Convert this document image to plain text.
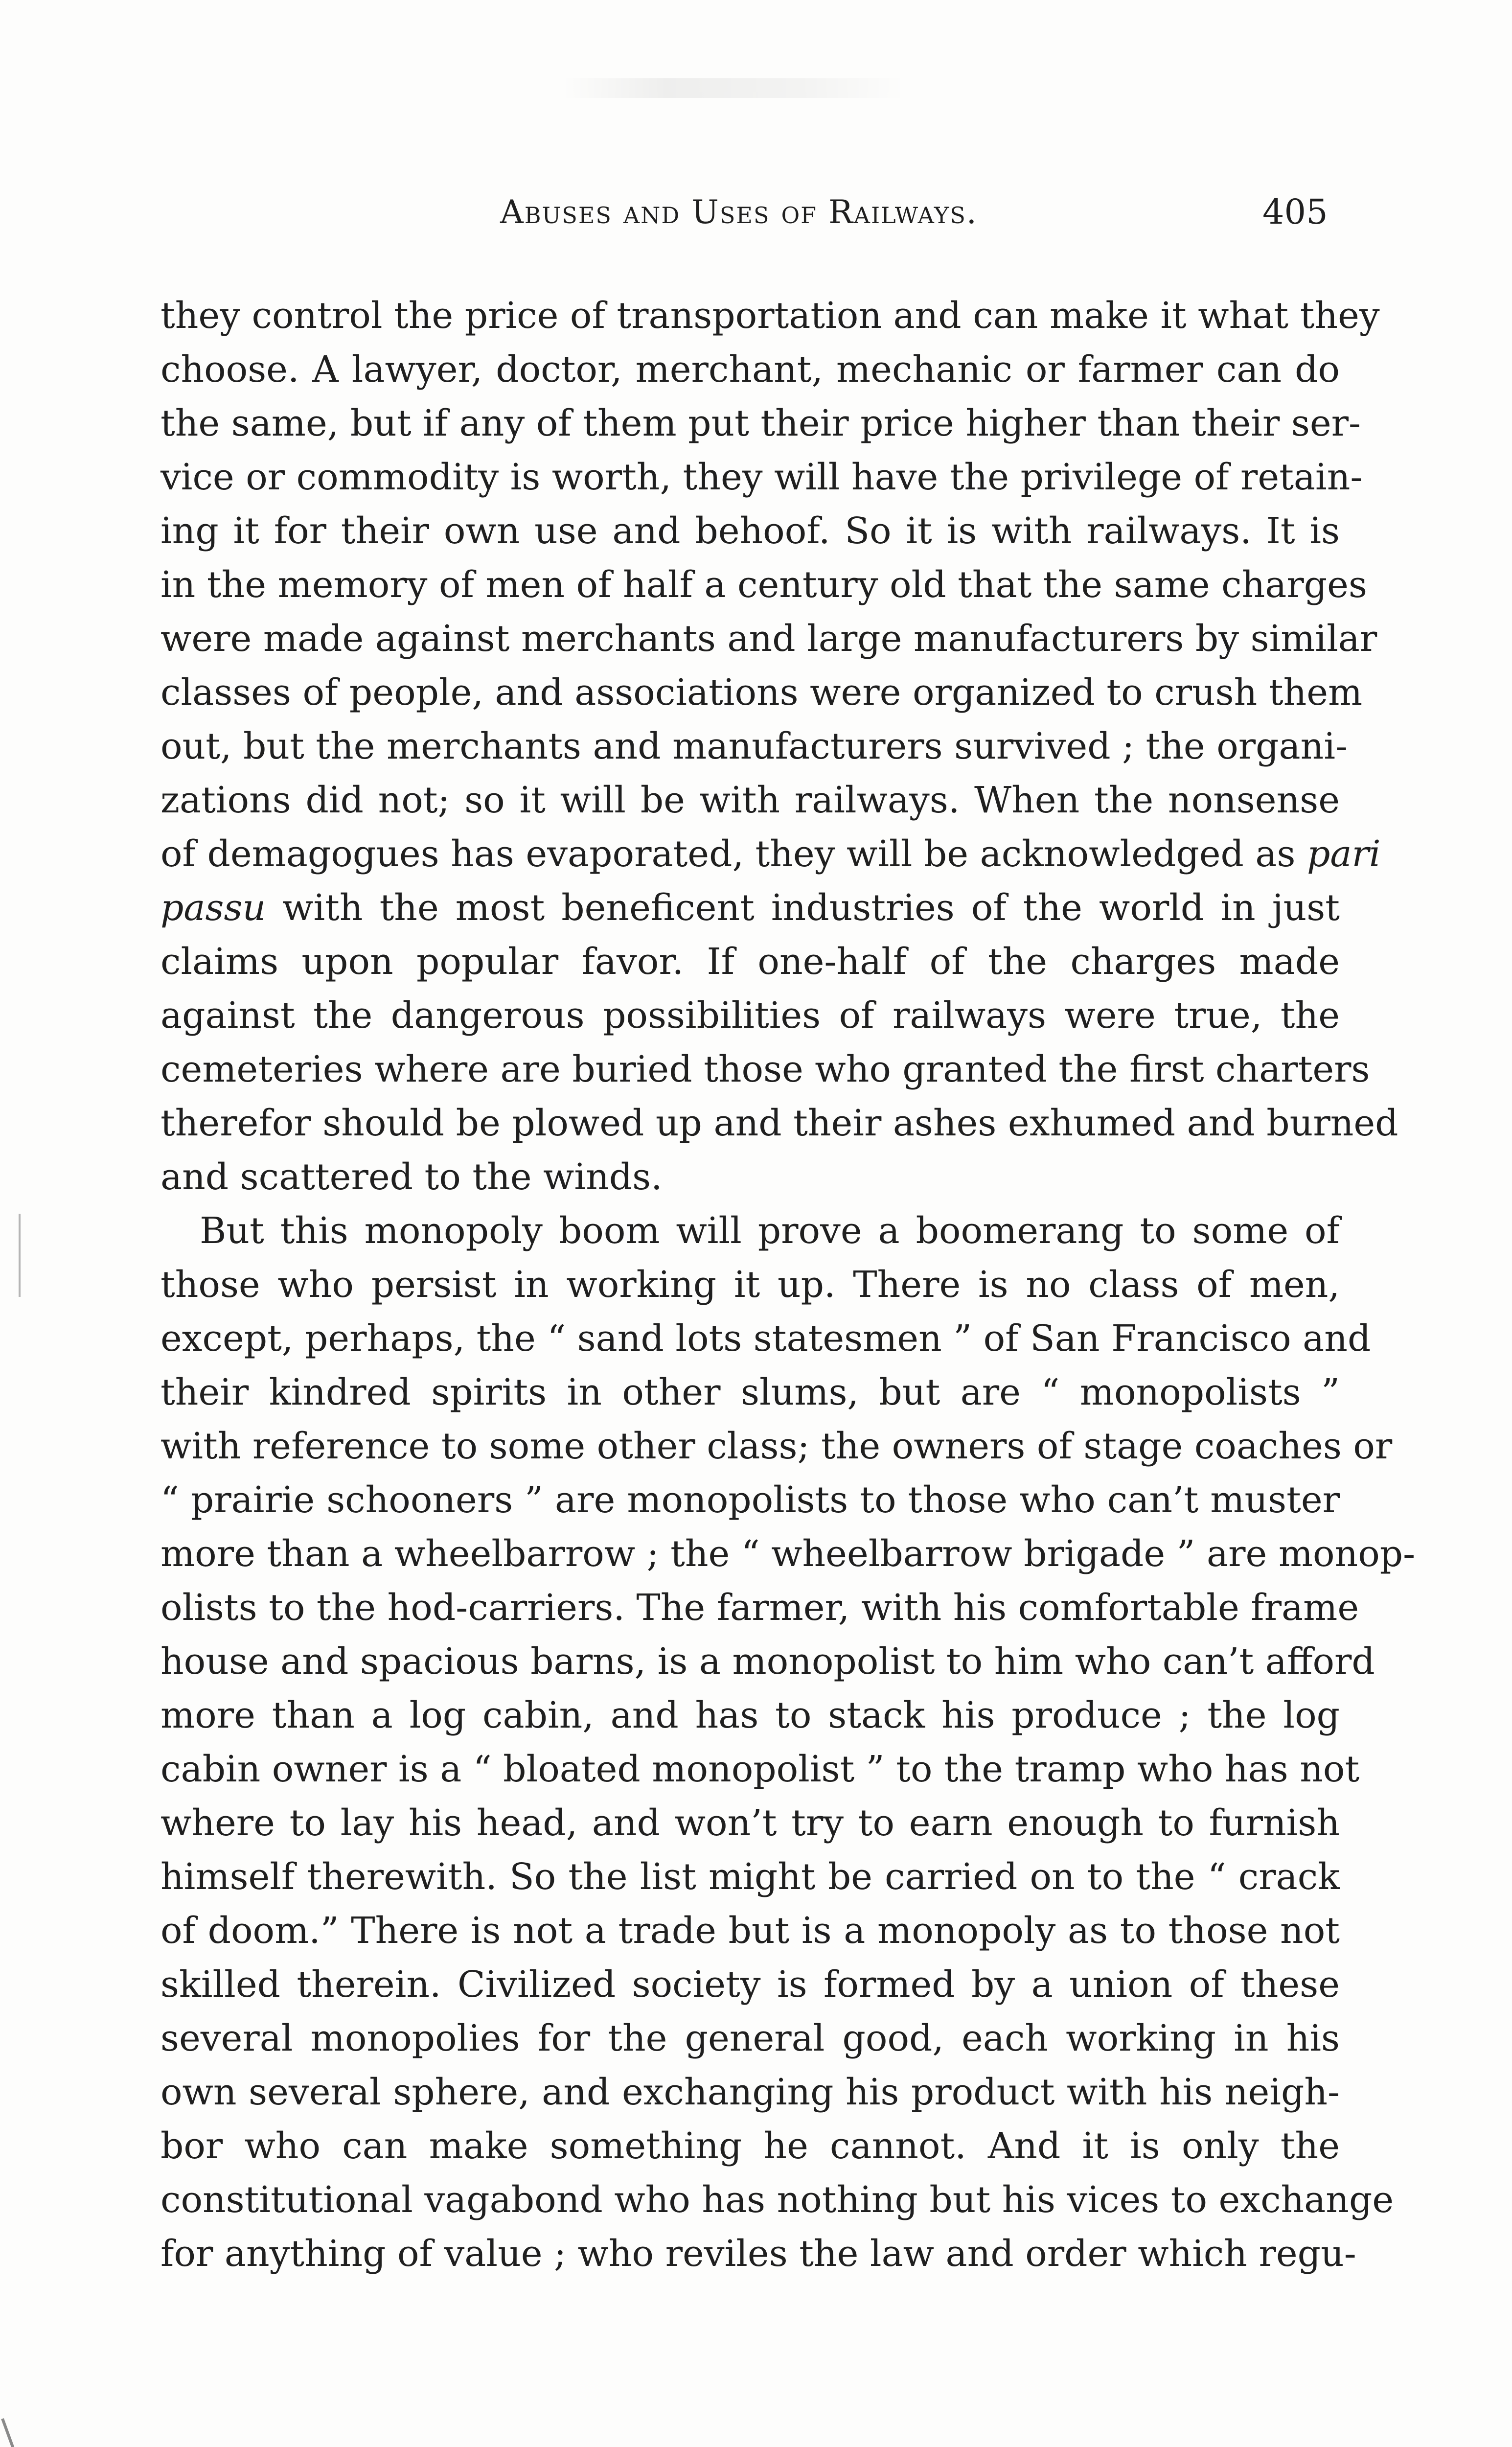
Abuses and Uses of Railways.	405
they control the price of transportation and can make it what they
choose. A lawyer, doctor, merchant, mechanic or farmer can do
the same, but if any of them put their price higher than their ser-
vice or commodity is worth, they will have the privilege of retain-
ing it for their own use and behoof. So it is with railways. It is
in the memory of men of half a century old that the same charges
were made against merchants and large manufacturers by similar
classes of people, and associations were organized to crush them
out, but the merchants and manufacturers survived ; the organi-
zations did not; so it will be with railways. When the nonsense
of demagogues has evaporated, they will be acknowledged as pari
passu with the most beneficent industries of the world in just
claims upon popular favor. If one-half of the charges made
against the dangerous possibilities of railways were true, the
cemeteries where are buried those who granted the first charters
therefor should be plowed up and their ashes exhumed and burned
and scattered to the winds.
But this monopoly boom will prove a boomerang to some of
those who persist in working it up. There is no class of men,
except, perhaps, the “ sand lots statesmen ” of San Francisco and
their kindred spirits in other slums, but are “ monopolists ”
with reference to some other class; the owners of stage coaches or
“ prairie schooners ” are monopolists to those who can’t muster
more than a wheelbarrow ; the “ wheelbarrow brigade ” are monop-
olists to the hod-carriers. The farmer, with his comfortable frame
house and spacious barns, is a monopolist to him who can’t afford
more than a log cabin, and has to stack his produce ; the log
cabin owner is a “ bloated monopolist ” to the tramp who has not
where to lay his head, and won’t try to earn enough to furnish
himself therewith. So the list might be carried on to the “ crack
of doom.” There is not a trade but is a monopoly as to those not
skilled therein. Civilized society is formed by a union of these
several monopolies for the general good, each working in his
own several sphere, and exchanging his product with his neigh-
bor who can make something he cannot. And it is only the
constitutional vagabond who has nothing but his vices to exchange
for anything of value ; who reviles the law and order which regu-
